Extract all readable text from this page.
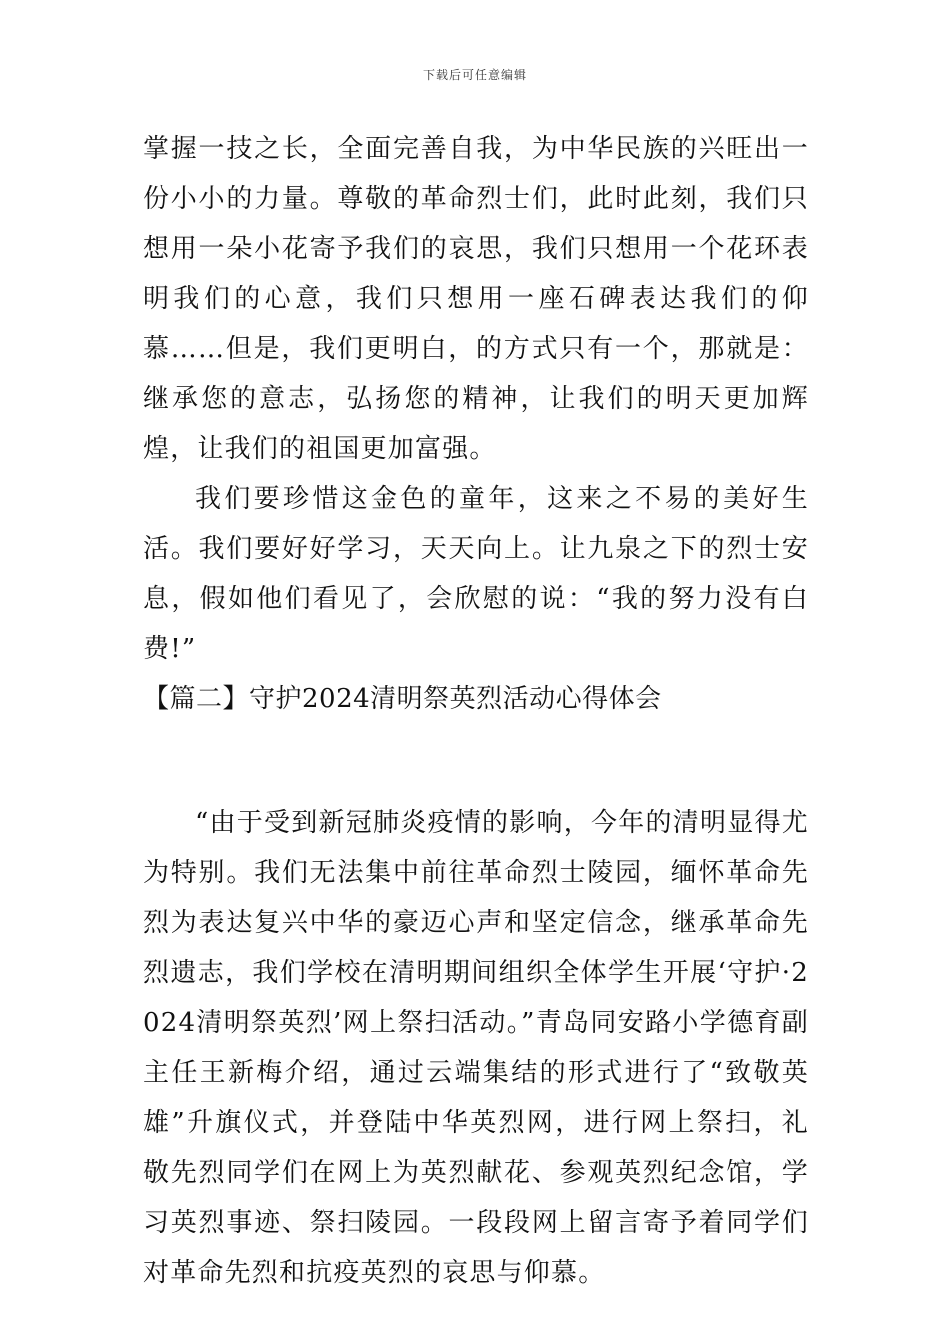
下载后可任意编辑

掌握一技之长，全面完善自我，为中华民族的兴旺出一份小小的力量。尊敬的革命烈士们，此时此刻，我们只想用一朵小花寄予我们的哀思，我们只想用一个花环表明我们的心意，我们只想用一座石碑表达我们的仰慕……但是，我们更明白，的方式只有一个，那就是：继承您的意志，弘扬您的精神，让我们的明天更加辉煌，让我们的祖国更加富强。

我们要珍惜这金色的童年，这来之不易的美好生活。我们要好好学习，天天向上。让九泉之下的烈士安息，假如他们看见了，会欣慰的说：“我的努力没有白费!”

【篇二】守护2024清明祭英烈活动心得体会

“由于受到新冠肺炎疫情的影响，今年的清明显得尤为特别。我们无法集中前往革命烈士陵园，缅怀革命先烈为表达复兴中华的豪迈心声和坚定信念，继承革命先烈遗志，我们学校在清明期间组织全体学生开展‘守护·2024清明祭英烈’网上祭扫活动。”青岛同安路小学德育副主任王新梅介绍，通过云端集结的形式进行了“致敬英雄”升旗仪式，并登陆中华英烈网，进行网上祭扫，礼敬先烈同学们在网上为英烈献花、参观英烈纪念馆，学习英烈事迹、祭扫陵园。一段段网上留言寄予着同学们对革命先烈和抗疫英烈的哀思与仰慕。
